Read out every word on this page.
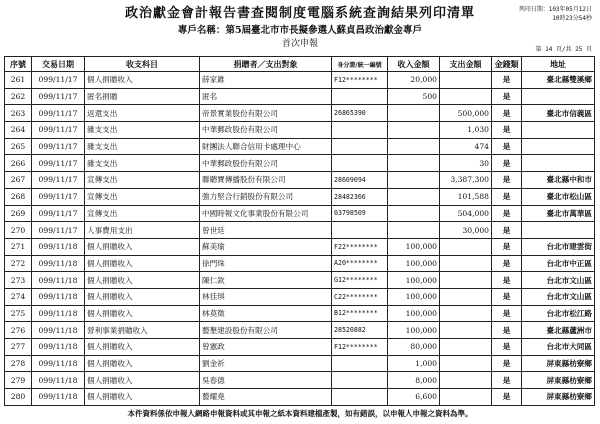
政治獻金會計報告書查閱制度電腦系統查詢結果列印清單
專戶名稱：第5屆臺北市市長擬參選人蘇貞昌政治獻金專戶
首次申報
列印日期：103年05月12日
10時23分54秒
第 14 頁/共 25 頁
序號	交易日期	收支科目	捐贈者／支出對象	身分證/統一編號	收入金額	支出金額	金錢類	地址
261	099/11/17	個人捐贈收入	薛家錐	F12********	20,000		是	臺北縣雙溪鄉
262	099/11/17	匿名捐贈	匿名		500		是	
263	099/11/17	返還支出	帝景實業股份有限公司	26865390		500,000	是	臺北市信義區
264	099/11/17	雜支支出	中華郵政股份有限公司			1,030	是	
265	099/11/17	雜支支出	財團法人聯合信用卡處理中心			474	是	
266	099/11/17	雜支支出	中華郵政股份有限公司			30	是	
267	099/11/17	宣傳支出	聯聽寶傳播股份有限公司	28609094		3,387,300	是	臺北縣中和市
268	099/11/17	宣傳支出	強力堅合行銷股份有限公司	28482366		101,588	是	臺北市松山區
269	099/11/17	宣傳支出	中國時報文化事業股份有限公司	03798509		504,000	是	臺北市萬華區
270	099/11/17	人事費用支出	曾世廷			30,000	是	
271	099/11/18	個人捐贈收入	蘇美瑜	F22********	100,000		是	台北市建雲街
272	099/11/18	個人捐贈收入	徐門珠	A20********	100,000		是	台北市中正區
273	099/11/18	個人捐贈收入	陳仁欽	G12********	100,000		是	台北市文山區
274	099/11/18	個人捐贈收入	林佳琪	C22********	100,000		是	台北市文山區
275	099/11/18	個人捐贈收入	林莫徵	B12********	100,000		是	台北市松江路
276	099/11/18	營利事業捐贈收入	藝墾建設股份有限公司	28520882	100,000		是	臺北縣蘆洲市
277	099/11/18	個人捐贈收入	曾憲政	F12********	80,000		是	台北市大同區
278	099/11/18	個人捐贈收入	劉金祈		1,000		是	屏東縣枋寮鄉
279	099/11/18	個人捐贈收入	吳春德		8,000		是	屏東縣枋寮鄉
280	099/11/18	個人捐贈收入	藝耀堯		6,600		是	屏東縣枋寮鄉
本件資料係依申報人網路申報資料或其申報之紙本資料建檔產製，如有錯誤，以申報人申報之資料為準。
